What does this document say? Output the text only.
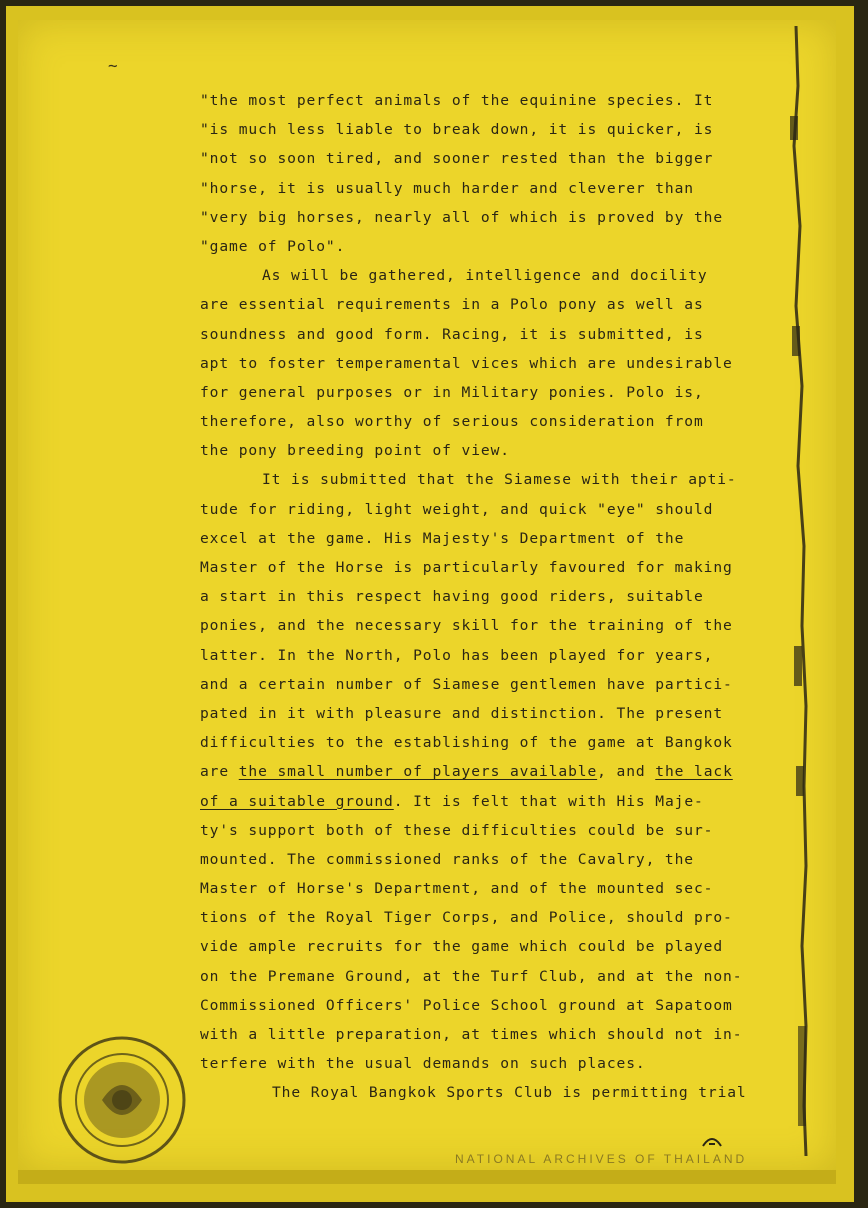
∼
"the most perfect animals of the equinine species. It
"is much less liable to break down, it is quicker, is
"not so soon tired, and sooner rested than the bigger
"horse, it is usually much harder and cleverer than
"very big horses, nearly all of which is proved by the
"game of Polo".
As will be gathered, intelligence and docility
are essential requirements in a Polo pony as well as
soundness and good form. Racing, it is submitted, is
apt to foster temperamental vices which are undesirable
for general purposes or in Military ponies. Polo is,
therefore, also worthy of serious consideration from
the pony breeding point of view.
It is submitted that the Siamese with their apti-
tude for riding, light weight, and quick "eye" should
excel at the game. His Majesty's Department of the
Master of the Horse is particularly favoured for making
a start in this respect having good riders, suitable
ponies, and the necessary skill for the training of the
latter. In the North, Polo has been played for years,
and a certain number of Siamese gentlemen have partici-
pated in it with pleasure and distinction. The present
difficulties to the establishing of the game at Bangkok
are the small number of players available, and the lack
of a suitable ground. It is felt that with His Maje-
ty's support both of these difficulties could be sur-
mounted. The commissioned ranks of the Cavalry, the
Master of Horse's Department, and of the mounted sec-
tions of the Royal Tiger Corps, and Police, should pro-
vide ample recruits for the game which could be played
on the Premane Ground, at the Turf Club, and at the non-
Commissioned Officers' Police School ground at Sapatoom
with a little preparation, at times which should not in-
terfere with the usual demands on such places.
The Royal Bangkok Sports Club is permitting trial
NATIONAL ARCHIVES OF THAILAND
